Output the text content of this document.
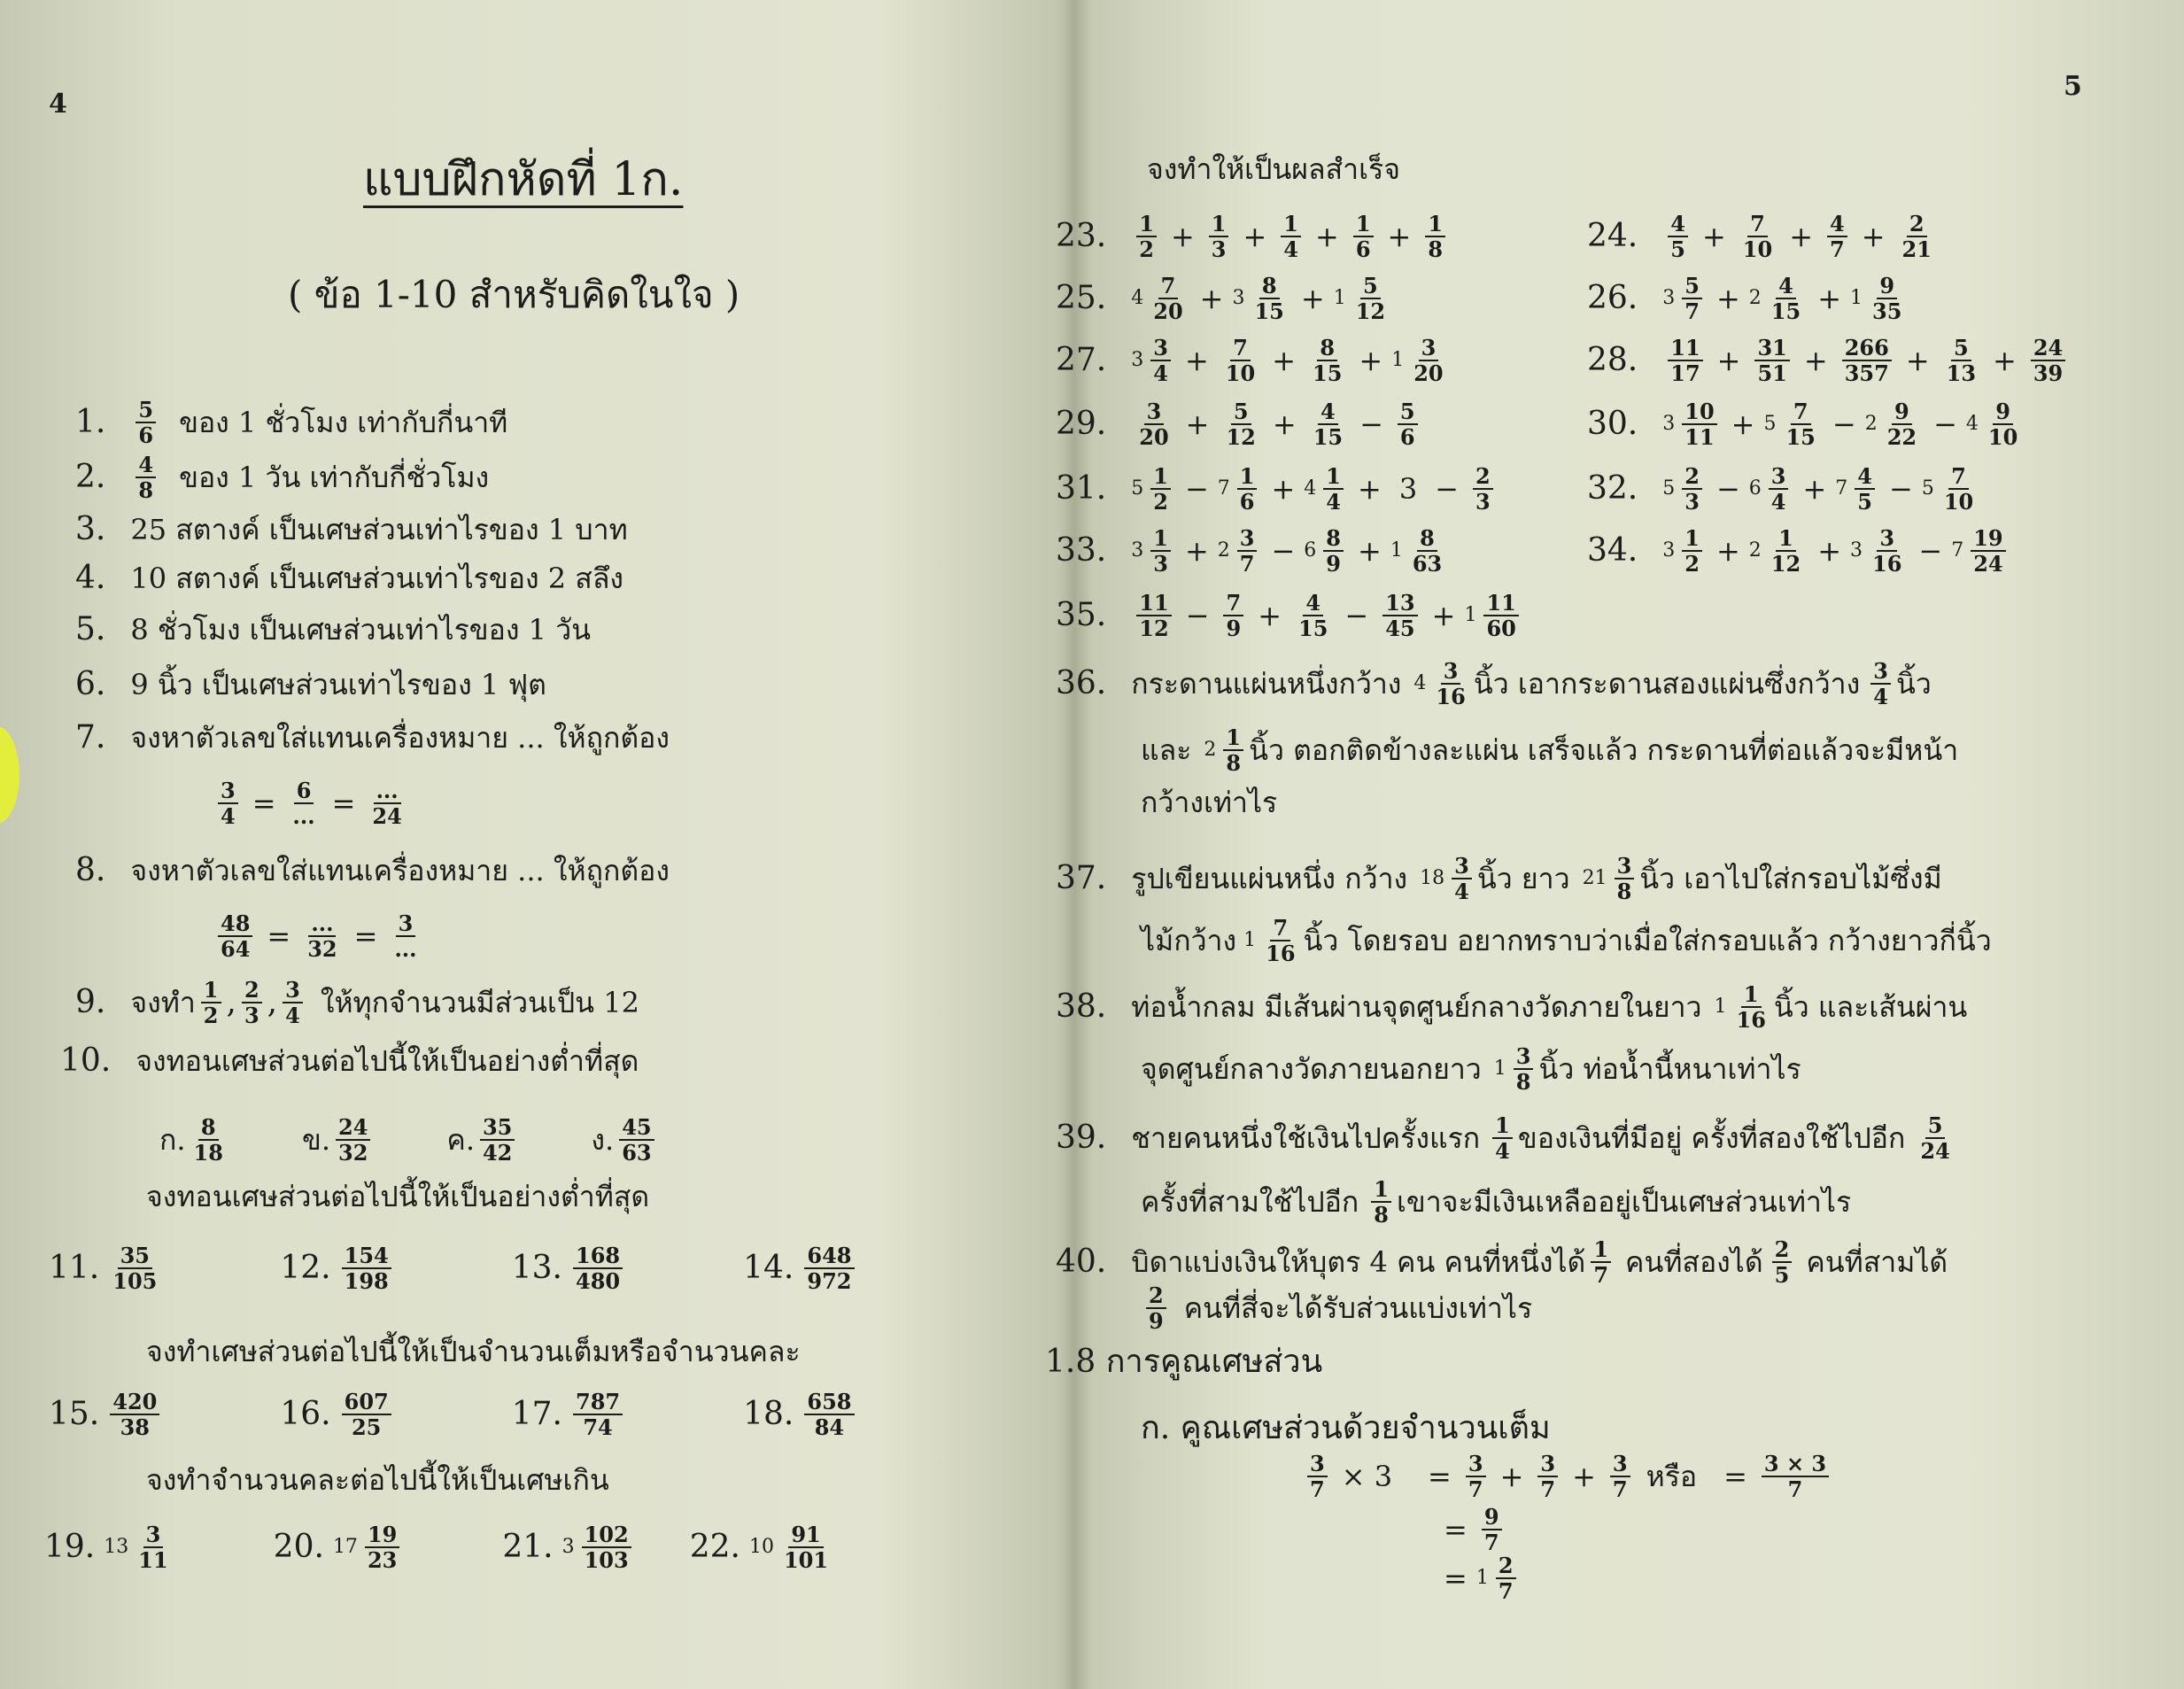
4
แบบฝึกหัดที่ 1ก.
( ข้อ 1-10 สำหรับคิดในใจ )
1. $\frac{5}{6}$ ของ 1 ชั่วโมง เท่ากับกี่นาที
2. $\frac{4}{8}$ ของ 1 วัน เท่ากับกี่ชั่วโมง
3. 25 สตางค์ เป็นเศษส่วนเท่าไรของ 1 บาท
4. 10 สตางค์ เป็นเศษส่วนเท่าไรของ 2 สลึง
5. 8 ชั่วโมง เป็นเศษส่วนเท่าไรของ 1 วัน
6. 9 นิ้ว เป็นเศษส่วนเท่าไรของ 1 ฟุต
7. จงหาตัวเลขใส่แทนเครื่องหมาย ... ให้ถูกต้อง
$\frac{3}{4} = \frac{6}{...} = \frac{...}{24}$
8. จงหาตัวเลขใส่แทนเครื่องหมาย ... ให้ถูกต้อง
$\frac{48}{64} = \frac{...}{32} = \frac{3}{...}$
9. จงทำ $\frac{1}{2}$ , $\frac{2}{3}$ , $\frac{3}{4}$ ให้ทุกจำนวนมีส่วนเป็น 12
10. จงทอนเศษส่วนต่อไปนี้ให้เป็นอย่างต่ำที่สุด
ก. $\frac{8}{18}$	ข. $\frac{24}{32}$	ค. $\frac{35}{42}$	ง. $\frac{45}{63}$
จงทอนเศษส่วนต่อไปนี้ให้เป็นอย่างต่ำที่สุด
11. $\frac{35}{105}$	12. $\frac{154}{198}$	13. $\frac{168}{480}$	14. $\frac{648}{972}$
จงทำเศษส่วนต่อไปนี้ให้เป็นจำนวนเต็มหรือจำนวนคละ
15. $\frac{420}{38}$	16. $\frac{607}{25}$	17. $\frac{787}{74}$	18. $\frac{658}{84}$
จงทำจำนวนคละต่อไปนี้ให้เป็นเศษเกิน
19. $13 \frac{3}{11}$	20. $17 \frac{19}{23}$	21. $3 \frac{102}{103} 22$. $10 \frac{91}{101}$
5
จงทำให้เป็นผลสำเร็จ
23. $\frac{1}{2} + \frac{1}{3} + \frac{1}{4} + \frac{1}{6} + \frac{1}{8}$	24. $\frac{4}{5} + \frac{7}{10} + \frac{4}{7} + \frac{2}{21}$
25. $4 \frac{7}{20} + 3 \frac{8}{15} + 1 \frac{5}{12}$	26. $3 \frac{5}{7} + 2 \frac{4}{15} + 1 \frac{9}{35}$
27. $3 \frac{3}{4} + \frac{7}{10} + \frac{8}{15} + 1 \frac{3}{20}$	28. $\frac{11}{17} + \frac{31}{51} + \frac{266}{357} + \frac{5}{13} + \frac{24}{39}$
29. $\frac{3}{20} + \frac{5}{12} + \frac{4}{15} - \frac{5}{6}$	30. $3 \frac{10}{11} + 5 \frac{7}{15} - 2 \frac{9}{22} - 4 \frac{9}{10}$
31. $5 \frac{1}{2} - 7 \frac{1}{6} + 4 \frac{1}{4} + 3 - \frac{2}{3}$	32. $5 \frac{2}{3} - 6 \frac{3}{4} + 7 \frac{4}{5} - 5 \frac{7}{10}$
33. $3 \frac{1}{3} + 2 \frac{3}{7} - 6 \frac{8}{9} + 1 \frac{8}{63}$	34. $3 \frac{1}{2} + 2 \frac{1}{12} + 3 \frac{3}{16} - 7 \frac{19}{24}$
35. $\frac{11}{12} - \frac{7}{9} + \frac{4}{15} - \frac{13}{45} + 1 \frac{11}{60}$
36. กระดานแผ่นหนึ่งกว้าง $4 \frac{3}{16}$ นิ้ว เอากระดานสองแผ่นซึ่งกว้าง $\frac{3}{4}$ นิ้ว
และ $2 \frac{1}{8}$ นิ้ว ตอกติดข้างละแผ่น เสร็จแล้ว กระดานที่ต่อแล้วจะมีหน้า
กว้างเท่าไร
37. รูปเขียนแผ่นหนึ่ง กว้าง $18 \frac{3}{4}$ นิ้ว ยาว $21 \frac{3}{8}$ นิ้ว เอาไปใส่กรอบไม้ซึ่งมี
ไม้กว้าง $1 \frac{7}{16}$ นิ้ว โดยรอบ อยากทราบว่าเมื่อใส่กรอบแล้ว กว้างยาวกี่นิ้ว
38. ท่อน้ำกลม มีเส้นผ่านจุดศูนย์กลางวัดภายในยาว $1 \frac{1}{16}$ นิ้ว และเส้นผ่าน
จุดศูนย์กลางวัดภายนอกยาว $1 \frac{3}{8}$ นิ้ว ท่อน้ำนี้หนาเท่าไร
39. ชายคนหนึ่งใช้เงินไปครั้งแรก $\frac{1}{4}$ ของเงินที่มีอยู่ ครั้งที่สองใช้ไปอีก $\frac{5}{24}$
ครั้งที่สามใช้ไปอีก $\frac{1}{8}$ เขาจะมีเงินเหลืออยู่เป็นเศษส่วนเท่าไร
40. บิดาแบ่งเงินให้บุตร 4 คน คนที่หนึ่งได้ $\frac{1}{7}$ คนที่สองได้ $\frac{2}{5}$ คนที่สามได้
$\frac{2}{9}$ คนที่สี่จะได้รับส่วนแบ่งเท่าไร
1.8 การคูณเศษส่วน
ก. คูณเศษส่วนด้วยจำนวนเต็ม
$\frac{3}{7} \times 3 = \frac{3}{7} + \frac{3}{7} + \frac{3}{7}$ หรือ = $\frac{3 \times 3}{7}$
= $\frac{9}{7}$
= $1 \frac{2}{7}$
